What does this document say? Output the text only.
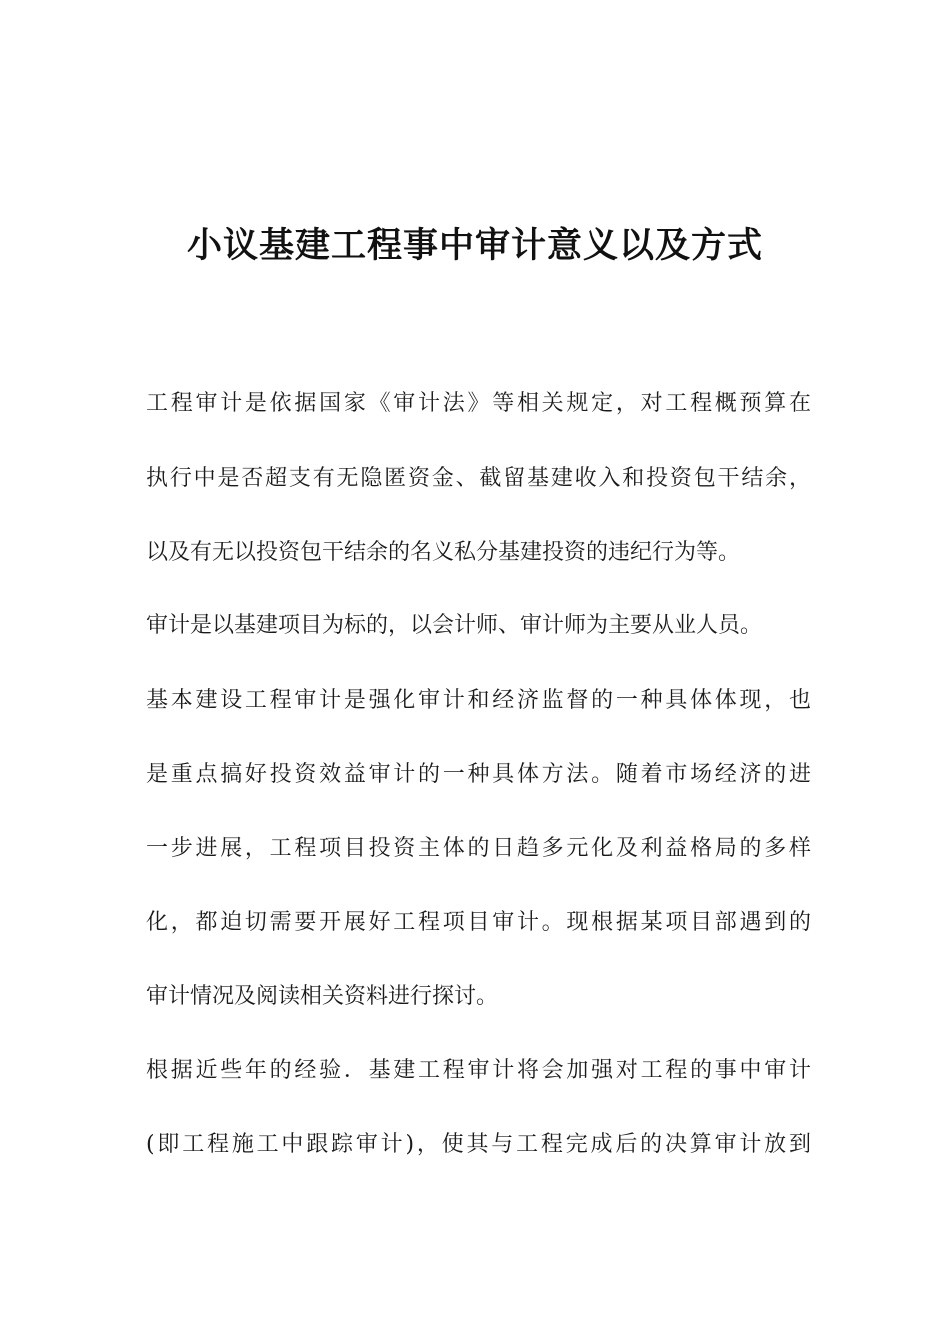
小议基建工程事中审计意义以及方式
工程审计是依据国家《审计法》等相关规定，对工程概预算在
执行中是否超支有无隐匿资金、截留基建收入和投资包干结余，
以及有无以投资包干结余的名义私分基建投资的违纪行为等。
审计是以基建项目为标的，以会计师、审计师为主要从业人员。
基本建设工程审计是强化审计和经济监督的一种具体体现，也
是重点搞好投资效益审计的一种具体方法。随着市场经济的进
一步进展，工程项目投资主体的日趋多元化及利益格局的多样
化，都迫切需要开展好工程项目审计。现根据某项目部遇到的
审计情况及阅读相关资料进行探讨。
根据近些年的经验．基建工程审计将会加强对工程的事中审计
(即工程施工中跟踪审计)，使其与工程完成后的决算审计放到
